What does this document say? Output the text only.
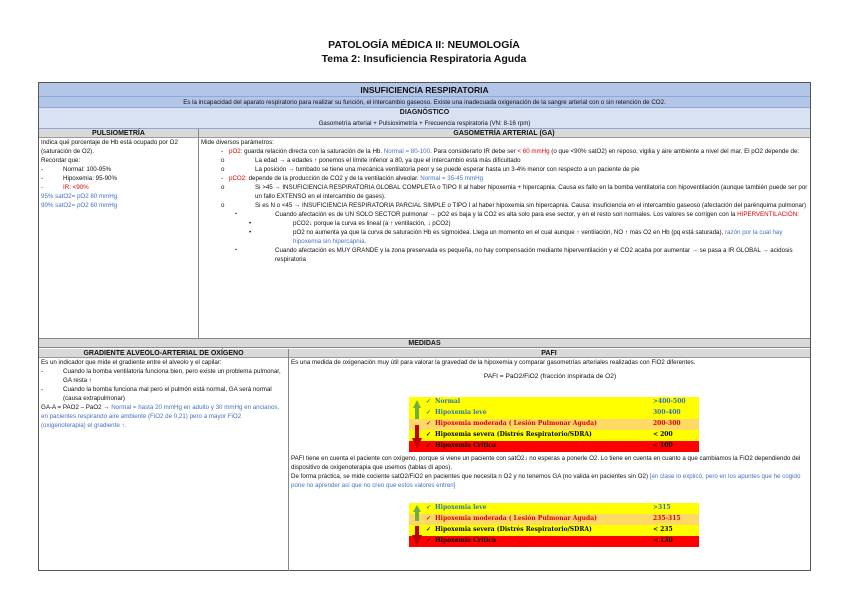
PATOLOGÍA MÉDICA II: NEUMOLOGÍA
Tema 2: Insuficiencia Respiratoria Aguda
INSUFICIENCIA RESPIRATORIA
Es la incapacidad del aparato respiratorio para realizar su función, el intercambio gaseoso. Existe una inadecuada oxigenación de la sangre arterial con o sin retención de CO2.
DIAGNÓSTICO
Gasometría arterial + Pulsioximetría + Frecuencia respiratoria (VN: 8-16 rpm)
PULSIOMETRÍA	GASOMETRÍA ARTERIAL (GA)
Indica qué porcentaje de Hb está ocupado por O2 (saturación de O2).
Recordar que:
- Normal: 100-95%
- Hipoxemia: 95-90%
- IR: <90%
95% satO2= pO2 80 mmHg
90% satO2= pO2 60 mmHg
Mide diversos parámetros:
- pO2: guarda relación directa con la saturación de la Hb. Normal = 80-100. Para considerarlo IR debe ser < 60 mmHg (o que <90% satO2) en reposo, vigilia y aire ambiente a nivel del mar. El pO2 depende de:
o La edad → a edades ↑ ponemos el límite inferior a 80, ya que el intercambio está más dificultado
o La posición → tumbado se tiene una mecánica ventilatoria peor y se puede esperar hasta un 3-4% menor con respecto a un paciente de pie
- pCO2: depende de la producción de CO2 y de la ventilación alveolar. Normal = 35-45 mmHg
o Si >45 → INSUFICIENCIA RESPIRATORIA GLOBAL COMPLETA o TIPO II al haber hipoxemia + hipercapnia. Causa es fallo en la bomba ventilatoria con hipoventilación (aunque también puede ser por un fallo EXTENSO en el intercambio de gases).
o Si es N o <45 → INSUFICIENCIA RESPIRATORIA PARCIAL SIMPLE o TIPO I al haber hipoxemia sin hipercapnia. Causa: insuficiencia en el intercambio gaseoso (afectación del parénquima pulmonar)
▪ Cuando afectación es de UN SOLO SECTOR pulmonar → pO2 es baja y la CO2 es alta solo para ese sector, y en el resto son normales. Los valores se corrigen con la HIPERVENTILACIÓN:
• pCO2↓ porque la curva es lineal (a ↑ ventilación, ↓ pCO2)
• pO2 no aumenta ya que la curva de saturación Hb es sigmoidea. Llega un momento en el cual aunque ↑ ventilación, NO ↑ más O2 en Hb (pq está saturada), razón por la cual hay hipoxemia sin hipercapnia.
▪ Cuando afectación es MUY GRANDE y la zona preservada es pequeña, no hay compensación mediante hiperventilación y el CO2 acaba por aumentar → se pasa a IR GLOBAL → acidosis respiratoria
MEDIDAS
GRADIENTE ALVEOLO-ARTERIAL DE OXÍGENO	PAFI
Es un indicador que mide el gradiente entre el alveolo y el capilar:
- Cuando la bomba ventilatoria funciona bien, pero existe un problema pulmonar, GA resta ↑
- Cuando la bomba funciona mal pero el pulmón está normal, GA será normal (causa extrapulmonar)
GA-A = PAO2 – PaO2 → Normal = hasta 20 mmHg en adulto y 30 mmHg en ancianos, en pacientes respirando aire ambiente (FiO2 de 0,21) pero a mayor FiO2 (oxigenoterapia) el gradiente ↑.
Es una medida de oxigenación muy útil para valorar la gravedad de la hipoxemia y comparar gasometrías arteriales realizadas con FiO2 diferentes.
PAFI = PaO2/FiO2 (fracción inspirada de O2)
✓ Normal	>400-500
✓ Hipoxemia leve	300-400
✓ Hipoxemia moderada ( Lesión Pulmonar Aguda)	200-300
✓ Hipoxemia severa (Distrés Respiratorio/SDRA)	< 200
✓ Hipoxemia Crítica	< 100
PAFI tiene en cuenta el paciente con oxígeno, porque si viene un paciente con satO2↓ no esperas a ponerle O2. Lo tiene en cuenta en cuanto a que cambiamos la FiO2 dependiendo del dispositivo de oxigenoterapia que usemos (tablas di apos).
De forma práctica, se mide cociente satO2/FiO2 en pacientes que necesita n O2 y no tenemos GA (no valida en pacientes sin O2) [en clase lo explicó, pero en los apuntes que he cogido pone no aprender así que no creo que estos valores entren]
✓ Hipoxemia leve	>315
✓ Hipoxemia moderada ( Lesión Pulmonar Aguda)	235-315
✓ Hipoxemia severa (Distrés Respiratorio/SDRA)	< 235
✓ Hipoxemia Crítica	< 130
